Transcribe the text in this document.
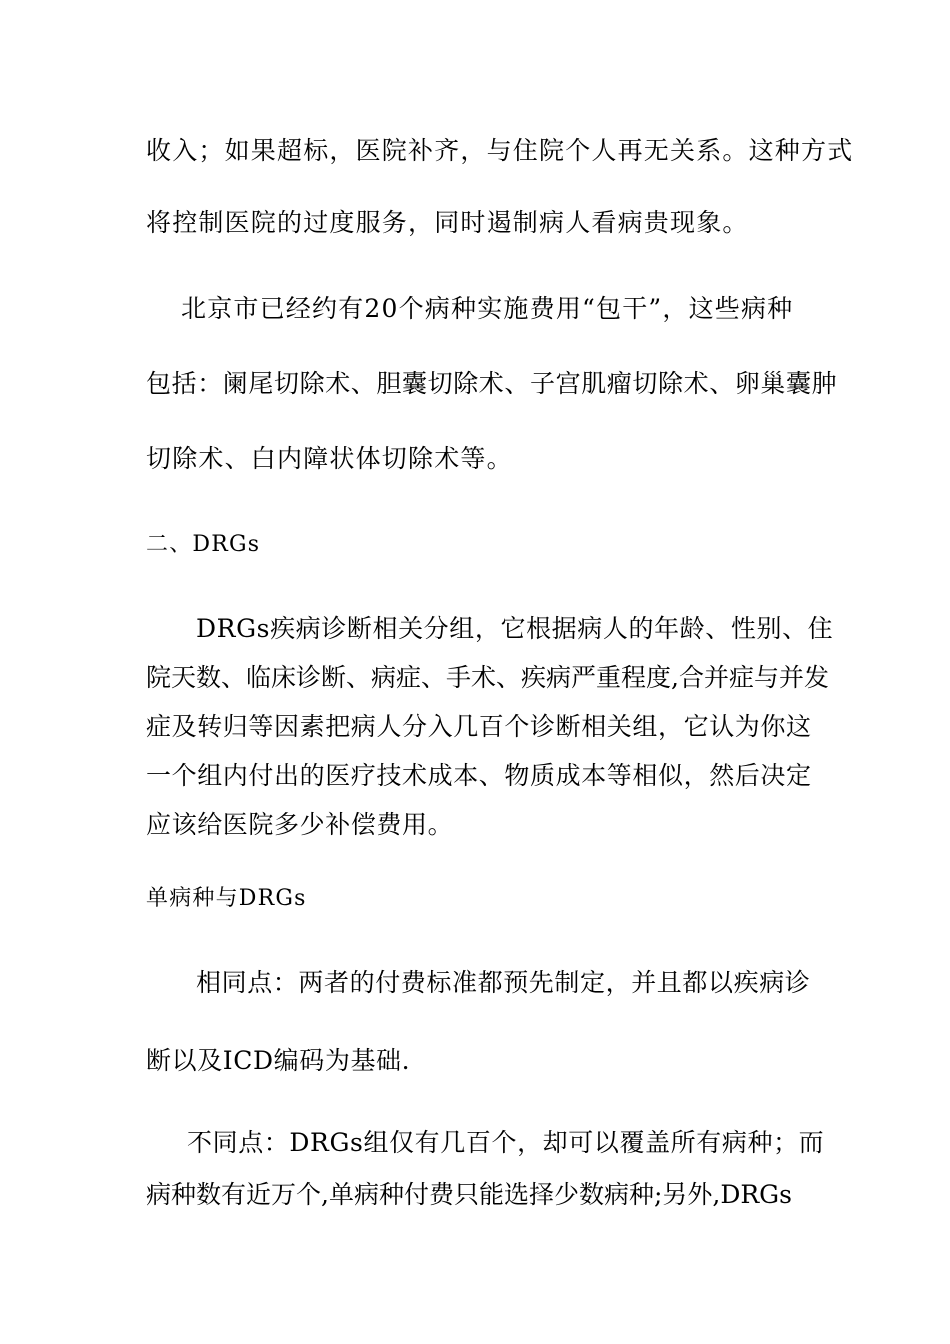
收入；如果超标，医院补齐，与住院个人再无关系。这种方式
将控制医院的过度服务，同时遏制病人看病贵现象。
北京市已经约有20个病种实施费用“包干”，这些病种
包括：阑尾切除术、胆囊切除术、子宫肌瘤切除术、卵巢囊肿
切除术、白内障状体切除术等。
二、DRGs
DRGs疾病诊断相关分组，它根据病人的年龄、性别、住
院天数、临床诊断、病症、手术、疾病严重程度,合并症与并发
症及转归等因素把病人分入几百个诊断相关组，它认为你这
一个组内付出的医疗技术成本、物质成本等相似，然后决定
应该给医院多少补偿费用。
单病种与DRGs
相同点：两者的付费标准都预先制定，并且都以疾病诊
断以及ICD编码为基础.
不同点：DRGs组仅有几百个，却可以覆盖所有病种；而
病种数有近万个,单病种付费只能选择少数病种;另外,DRGs
